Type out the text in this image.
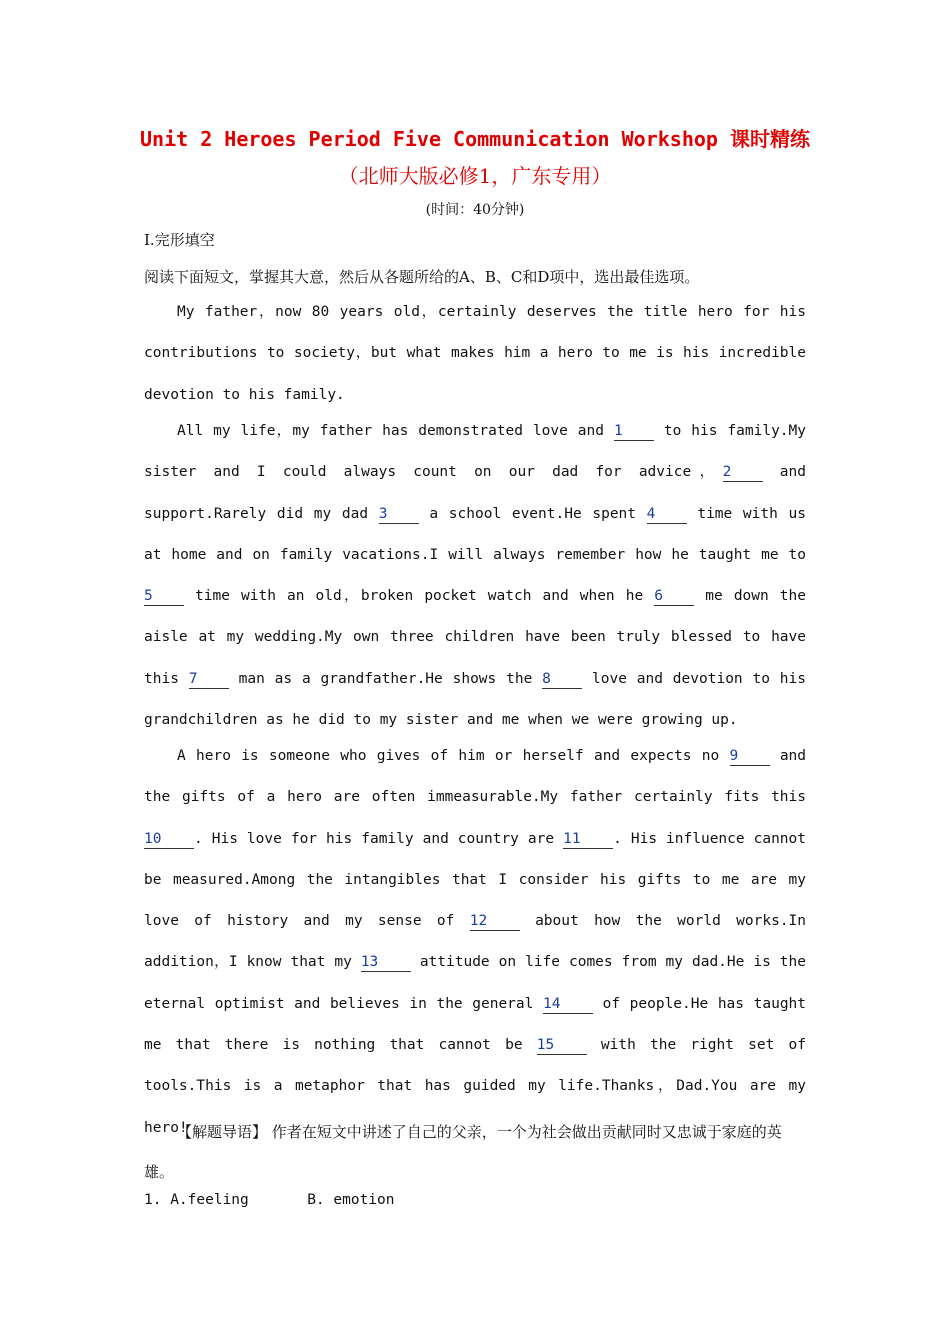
Unit 2 Heroes Period Five Communication Workshop 课时精练
（北师大版必修1，广东专用）
(时间：40分钟)
Ⅰ.完形填空
阅读下面短文，掌握其大意，然后从各题所给的A、B、C和D项中，选出最佳选项。
My father，now 80 years old，certainly deserves the title hero for his contributions to society，but what makes him a hero to me is his incredible devotion to his family.
All my life，my father has demonstrated love and 1 to his family.My sister and I could always count on our dad for advice，2 and support.Rarely did my dad 3 a school event.He spent 4 time with us at home and on family vacations.I will always remember how he taught me to 5 time with an old，broken pocket watch and when he 6 me down the aisle at my wedding.My own three children have been truly blessed to have this 7 man as a grandfather.He shows the 8 love and devotion to his grandchildren as he did to my sister and me when we were growing up.
A hero is someone who gives of him or herself and expects no 9 and the gifts of a hero are often immeasurable.My father certainly fits this 10 . His love for his family and country are 11 . His influence cannot be measured.Among the intangibles that I consider his gifts to me are my love of history and my sense of 12 about how the world works.In addition，I know that my 13 attitude on life comes from my dad.He is the eternal optimist and believes in the general 14 of people.He has taught me that there is nothing that cannot be 15 with the right set of tools.This is a metaphor that has guided my life.Thanks，Dad.You are my hero!
【解题导语】 作者在短文中讲述了自己的父亲，一个为社会做出贡献同时又忠诚于家庭的英雄。
1. A.feeling	B. emotion
